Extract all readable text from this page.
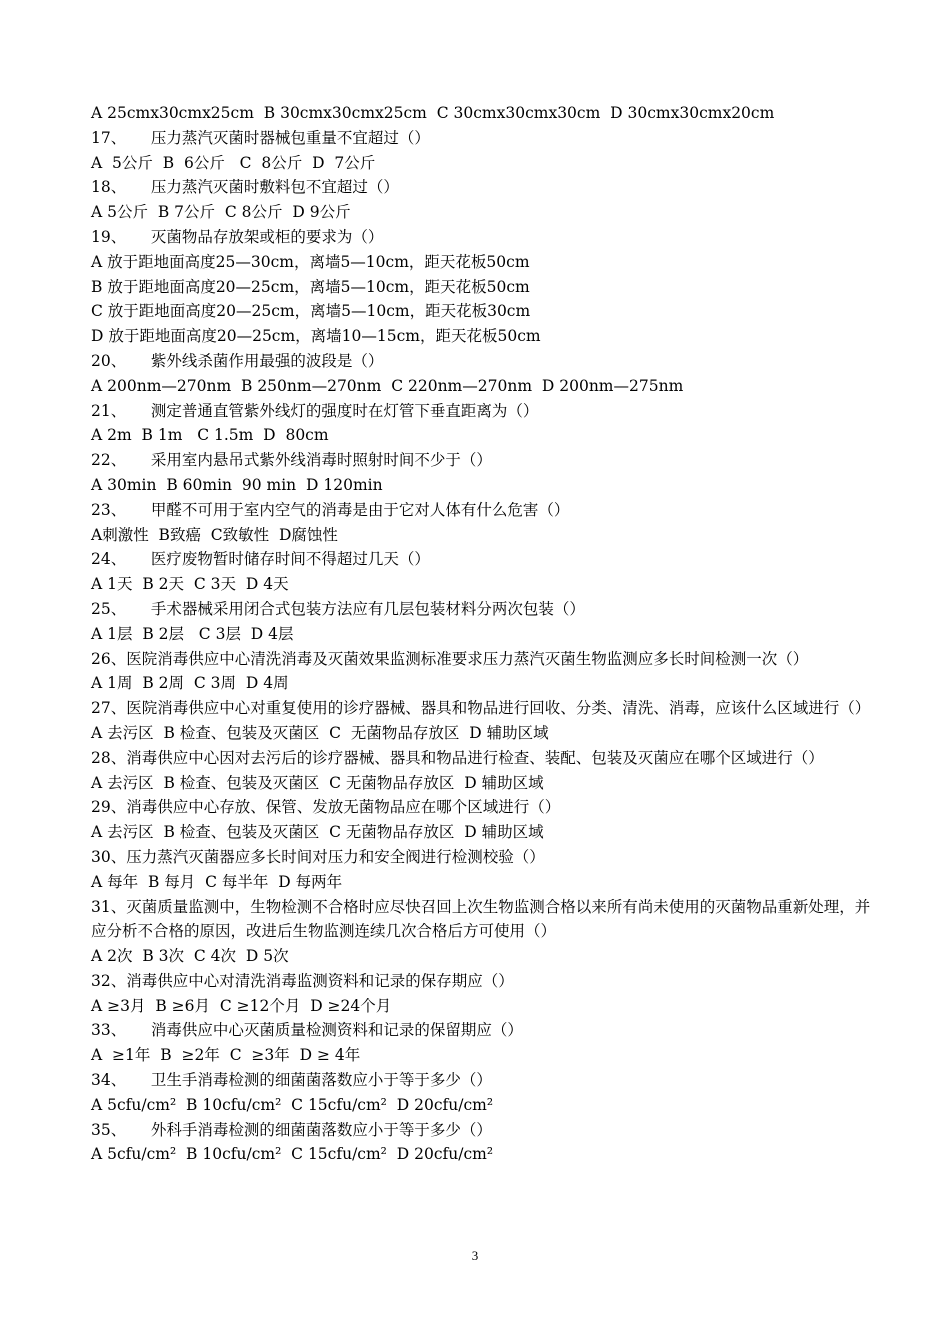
A 25cmx30cmx25cm  B 30cmx30cmx25cm  C 30cmx30cmx30cm  D 30cmx30cmx20cm
17、     压力蒸汽灭菌时器械包重量不宜超过（）
A  5公斤  B  6公斤   C  8公斤  D  7公斤
18、     压力蒸汽灭菌时敷料包不宜超过（）
A 5公斤  B 7公斤  C 8公斤  D 9公斤
19、     灭菌物品存放架或柜的要求为（）
A 放于距地面高度25—30cm，离墙5—10cm，距天花板50cm
B 放于距地面高度20—25cm，离墙5—10cm，距天花板50cm
C 放于距地面高度20—25cm，离墙5—10cm，距天花板30cm
D 放于距地面高度20—25cm，离墙10—15cm，距天花板50cm
20、     紫外线杀菌作用最强的波段是（）
A 200nm—270nm  B 250nm—270nm  C 220nm—270nm  D 200nm—275nm
21、     测定普通直管紫外线灯的强度时在灯管下垂直距离为（）
A 2m  B 1m   C 1.5m  D  80cm
22、     采用室内悬吊式紫外线消毒时照射时间不少于（）
A 30min  B 60min  90 min  D 120min
23、     甲醛不可用于室内空气的消毒是由于它对人体有什么危害（）
A刺激性  B致癌  C致敏性  D腐蚀性
24、     医疗废物暂时储存时间不得超过几天（）
A 1天  B 2天  C 3天  D 4天
25、     手术器械采用闭合式包装方法应有几层包装材料分两次包装（）
A 1层  B 2层   C 3层  D 4层
26、医院消毒供应中心清洗消毒及灭菌效果监测标准要求压力蒸汽灭菌生物监测应多长时间检测一次（）
A 1周  B 2周  C 3周  D 4周
27、医院消毒供应中心对重复使用的诊疗器械、器具和物品进行回收、分类、清洗、消毒，应该什么区域进行（）
A 去污区  B 检查、包装及灭菌区  C  无菌物品存放区  D 辅助区域
28、消毒供应中心因对去污后的诊疗器械、器具和物品进行检查、装配、包装及灭菌应在哪个区域进行（）
A 去污区  B 检查、包装及灭菌区  C 无菌物品存放区  D 辅助区域
29、消毒供应中心存放、保管、发放无菌物品应在哪个区域进行（）
A 去污区  B 检查、包装及灭菌区  C 无菌物品存放区  D 辅助区域
30、压力蒸汽灭菌器应多长时间对压力和安全阀进行检测校验（）
A 每年  B 每月  C 每半年  D 每两年
31、灭菌质量监测中，生物检测不合格时应尽快召回上次生物监测合格以来所有尚未使用的灭菌物品重新处理，并应分析不合格的原因，改进后生物监测连续几次合格后方可使用（）
A 2次  B 3次  C 4次  D 5次
32、消毒供应中心对清洗消毒监测资料和记录的保存期应（）
A ≥3月  B ≥6月  C ≥12个月  D ≥24个月
33、     消毒供应中心灭菌质量检测资料和记录的保留期应（）
A  ≥1年  B  ≥2年  C  ≥3年  D ≥ 4年
34、     卫生手消毒检测的细菌菌落数应小于等于多少（）
A 5cfu/cm²  B 10cfu/cm²  C 15cfu/cm²  D 20cfu/cm²
35、     外科手消毒检测的细菌菌落数应小于等于多少（）
A 5cfu/cm²  B 10cfu/cm²  C 15cfu/cm²  D 20cfu/cm²
3
